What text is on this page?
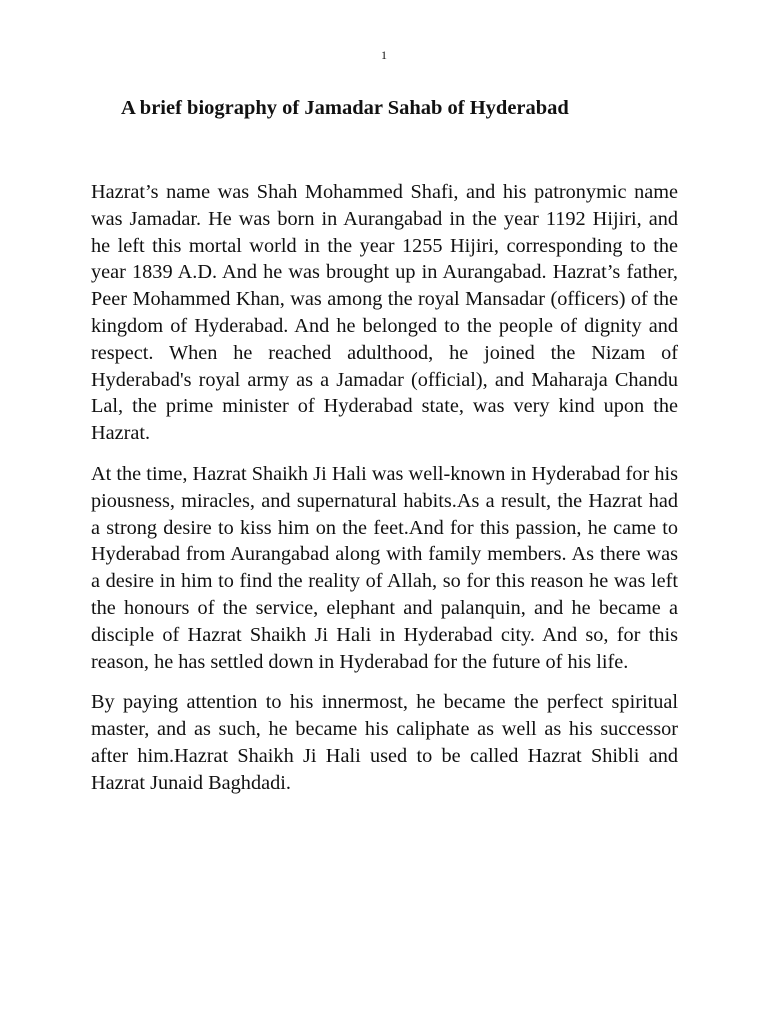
1
A brief biography of Jamadar Sahab of Hyderabad

Hazrat’s name was Shah Mohammed Shafi, and his patronymic name was Jamadar. He was born in Aurangabad in the year 1192 Hijiri, and he left this mortal world in the year 1255 Hijiri, corresponding to the year 1839 A.D. And he was brought up in Aurangabad. Hazrat’s father, Peer Mohammed Khan, was among the royal Mansadar (officers) of the kingdom of Hyderabad. And he belonged to the people of dignity and respect. When he reached adulthood, he joined the Nizam of Hyderabad's royal army as a Jamadar (official), and Maharaja Chandu Lal, the prime minister of Hyderabad state, was very kind upon the Hazrat.

At the time, Hazrat Shaikh Ji Hali was well-known in Hyderabad for his piousness, miracles, and supernatural habits.As a result, the Hazrat had a strong desire to kiss him on the feet.And for this passion, he came to Hyderabad from Aurangabad along with family members. As there was a desire in him to find the reality of Allah, so for this reason he was left the honours of the service, elephant and palanquin, and he became a disciple of Hazrat Shaikh Ji Hali in Hyderabad city. And so, for this reason, he has settled down in Hyderabad for the future of his life.

By paying attention to his innermost, he became the perfect spiritual master, and as such, he became his caliphate as well as his successor after him.Hazrat Shaikh Ji Hali used to be called Hazrat Shibli and Hazrat Junaid Baghdadi.
